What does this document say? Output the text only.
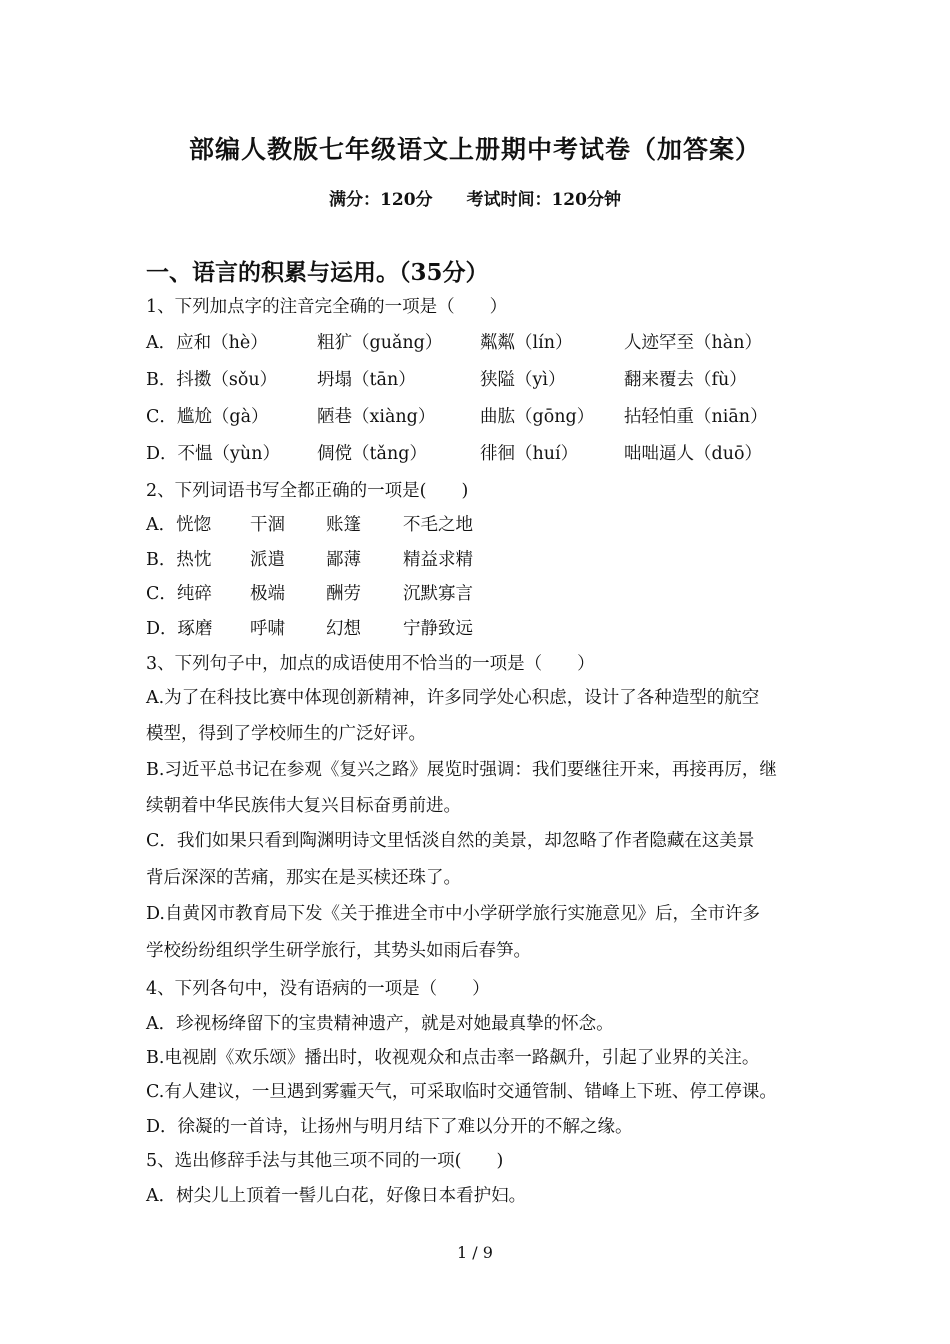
部编人教版七年级语文上册期中考试卷（加答案）
满分：120分 考试时间：120分钟
一、语言的积累与运用。（35分）
1、下列加点字的注音完全确的一项是（　　）
A．应和（hè）	粗犷（guǎng） 粼粼（lín）	人迹罕至（hàn）
B．抖擞（sǒu） 坍塌（tān）	狭隘（yì）	翻来覆去（fù）
C．尴尬（gà）	陋巷（xiàng）	曲肱（gōng） 拈轻怕重（niān）
D．不愠（yùn） 倜傥（tǎng）	徘徊（huí）	咄咄逼人（duō）
2、下列词语书写全都正确的一项是(　　)
A．恍惚 干涸 账篷 不毛之地
B．热忱 派遣 鄙薄 精益求精
C．纯碎 极端 酬劳 沉默寡言
D．琢磨 呼啸 幻想 宁静致远
3、下列句子中，加点的成语使用不恰当的一项是（　　）
A.为了在科技比赛中体现创新精神，许多同学处心积虑，设计了各种造型的航空
模型，得到了学校师生的广泛好评。
B.习近平总书记在参观《复兴之路》展览时强调：我们要继往开来，再接再厉，继
续朝着中华民族伟大复兴目标奋勇前进。
C．我们如果只看到陶渊明诗文里恬淡自然的美景，却忽略了作者隐藏在这美景
背后深深的苦痛，那实在是买椟还珠了。
D.自黄冈市教育局下发《关于推进全市中小学研学旅行实施意见》后，全市许多
学校纷纷组织学生研学旅行，其势头如雨后春笋。
4、下列各句中，没有语病的一项是（　　）
A．珍视杨绛留下的宝贵精神遗产，就是对她最真挚的怀念。
B.电视剧《欢乐颂》播出时，收视观众和点击率一路飙升，引起了业界的关注。
C.有人建议，一旦遇到雾霾天气，可采取临时交通管制、错峰上下班、停工停课。
D．徐凝的一首诗，让扬州与明月结下了难以分开的不解之缘。
5、选出修辞手法与其他三项不同的一项(　　)
A．树尖儿上顶着一髻儿白花，好像日本看护妇。
1 / 9
